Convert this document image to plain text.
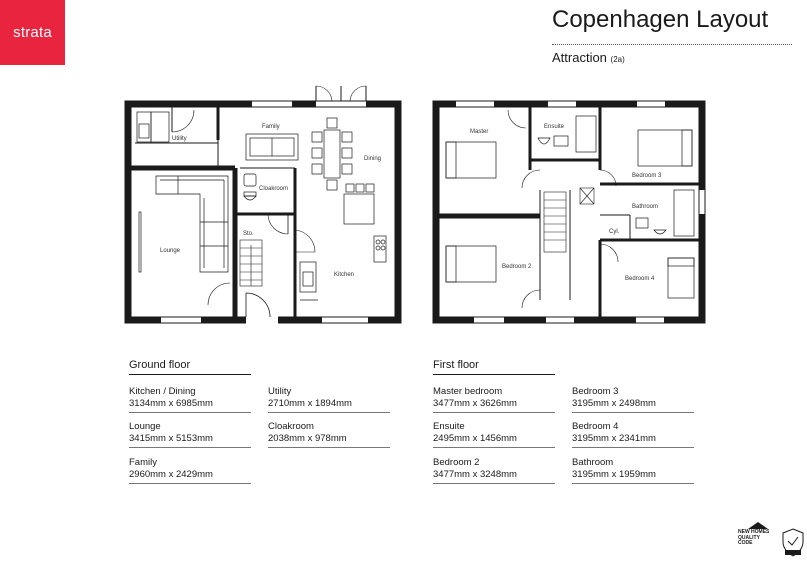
strata	Copenhagen Layout
Attraction (2a)
Utility
Family
Dining
Cloakroom
Sto.
Lounge
Kitchen
Master
Ensuite
Bedroom 3
Bathroom
Cyl.
Bedroom 2
Bedroom 4
Ground floor
Kitchen / Dining
3134mm x 6985mm
Lounge
3415mm x 5153mm
Family
2960mm x 2429mm
Utility
2710mm x 1894mm
Cloakroom
2038mm x 978mm
First floor
Master bedroom
3477mm x 3626mm
Ensuite
2495mm x 1456mm
Bedroom 2
3477mm x 3248mm
Bedroom 3
3195mm x 2498mm
Bedroom 4
3195mm x 2341mm
Bathroom
3195mm x 1959mm
NEW HOMES QUALITY CODE
